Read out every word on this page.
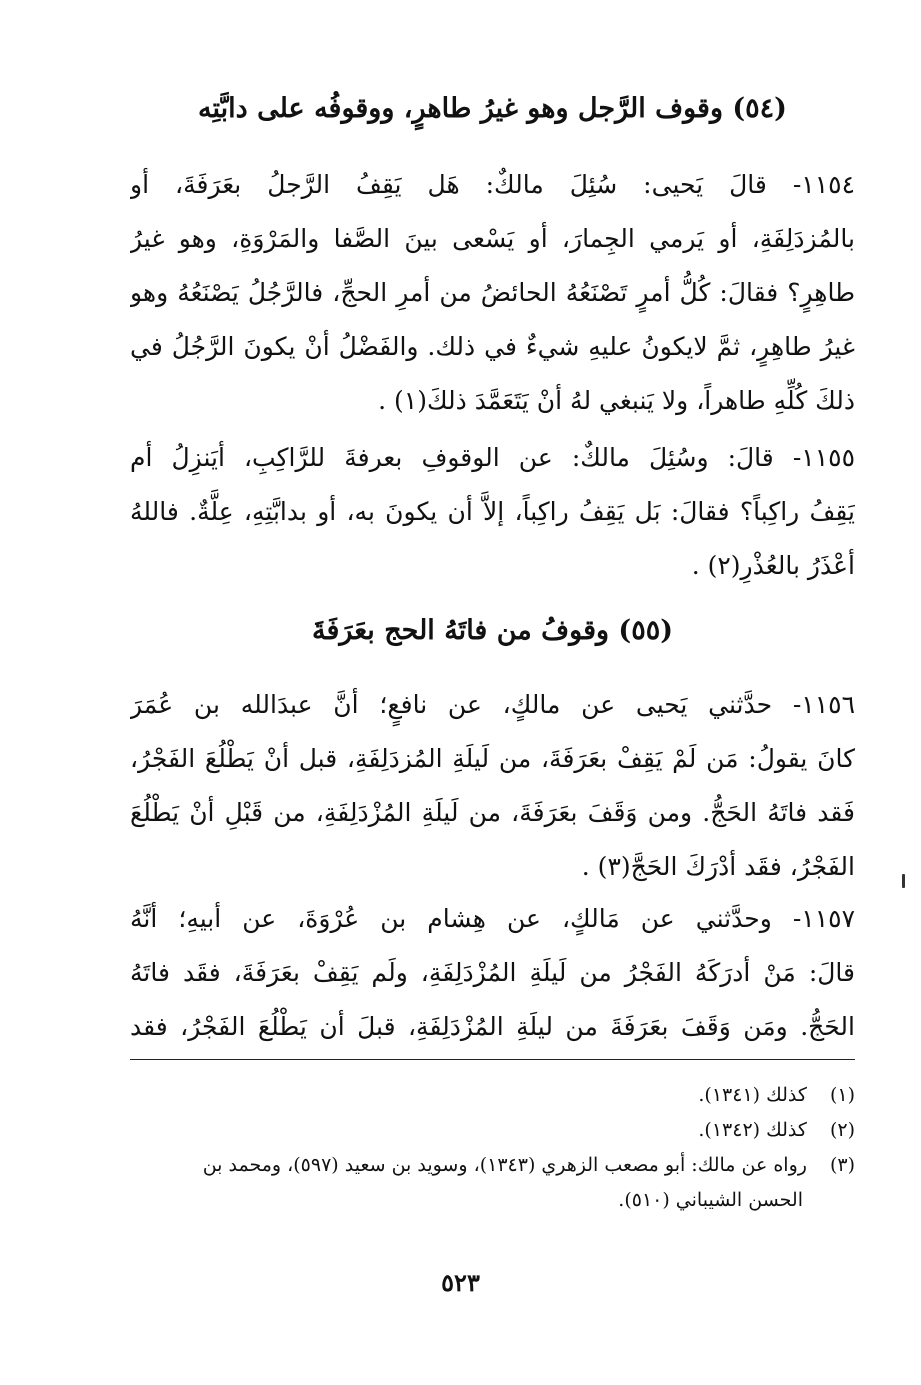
(٥٤) وقوف الرَّجل وهو غيرُ طاهرٍ، ووقوفُه على دابَّتِه
١١٥٤- قالَ يَحيى: سُئِلَ مالكٌ: هَل يَقِفُ الرَّجلُ بعَرَفَةَ، أو
بالمُزدَلِفَةِ، أو يَرمي الجِمارَ، أو يَسْعى بينَ الصَّفا والمَرْوَةِ، وهو غيرُ
طاهِرٍ؟ فقالَ: كُلُّ أمرٍ تَصْنَعُهُ الحائضُ من أمرِ الحجِّ، فالرَّجُلُ يَصْنَعُهُ وهو
غيرُ طاهِرٍ، ثمَّ لايكونُ عليهِ شيءٌ في ذلك. والفَضْلُ أنْ يكونَ الرَّجُلُ في
ذلكَ كُلِّهِ طاهراً، ولا يَنبغي لهُ أنْ يَتَعَمَّدَ ذلكَ(١) .
١١٥٥- قالَ: وسُئِلَ مالكٌ: عن الوقوفِ بعرفةَ للرَّاكِبِ، أيَنزِلُ أم
يَقِفُ راكِباً؟ فقالَ: بَل يَقِفُ راكِباً، إلاَّ أن يكونَ به، أو بدابَّتِهِ، عِلَّةٌ. فاللهُ
أعْذَرُ بالعُذْرِ(٢) .
(٥٥) وقوفُ من فاتَهُ الحج بعَرَفَةَ
١١٥٦- حدَّثني يَحيى عن مالكٍ، عن نافعٍ؛ أنَّ عبدَالله بن عُمَرَ
كانَ يقولُ: مَن لَمْ يَقِفْ بعَرَفَةَ، من لَيلَةِ المُزدَلِفَةِ، قبل أنْ يَطْلُعَ الفَجْرُ،
فَقد فاتَهُ الحَجُّ. ومن وَقَفَ بعَرَفَةَ، من لَيلَةِ المُزْدَلِفَةِ، من قَبْلِ أنْ يَطْلُعَ
الفَجْرُ، فقَد أدْرَكَ الحَجَّ(٣) .
١١٥٧- وحدَّثني عن مَالكٍ، عن هِشام بن عُرْوَةَ، عن أبيهِ؛ أنَّهُ
قالَ: مَنْ أدرَكَهُ الفَجْرُ من لَيلَةِ المُزْدَلِفَةِ، ولَم يَقِفْ بعَرَفَةَ، فقَد فاتَهُ
الحَجُّ. ومَن وَقَفَ بعَرَفَةَ من ليلَةِ المُزْدَلِفَةِ، قبلَ أن يَطْلُعَ الفَجْرُ، فقد
(١) كذلك (١٣٤١).
(٢) كذلك (١٣٤٢).
(٣) رواه عن مالك: أبو مصعب الزهري (١٣٤٣)، وسويد بن سعيد (٥٩٧)، ومحمد بن
الحسن الشيباني (٥١٠).
٥٢٣
